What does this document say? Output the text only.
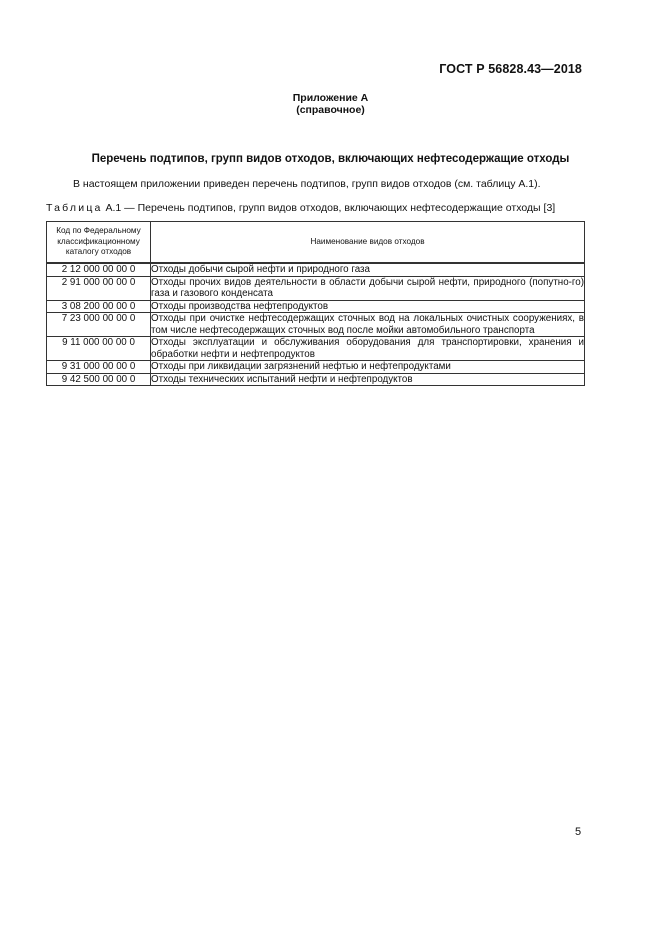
ГОСТ Р 56828.43—2018
Приложение А
(справочное)
Перечень подтипов, групп видов отходов, включающих нефтесодержащие отходы
В настоящем приложении приведен перечень подтипов, групп видов отходов (см. таблицу А.1).
Таблица А.1 — Перечень подтипов, групп видов отходов, включающих нефтесодержащие отходы [3]
Код по Федеральному классификационному каталогу отходов	Наименование видов отходов
2 12 000 00 00 0	Отходы добычи сырой нефти и природного газа
2 91 000 00 00 0	Отходы прочих видов деятельности в области добычи сырой нефти, природного (попутно-го) газа и газового конденсата
3 08 200 00 00 0	Отходы производства нефтепродуктов
7 23 000 00 00 0	Отходы при очистке нефтесодержащих сточных вод на локальных очистных сооружениях, в том числе нефтесодержащих сточных вод после мойки автомобильного транспорта
9 11 000 00 00 0	Отходы эксплуатации и обслуживания оборудования для транспортировки, хранения и обработки нефти и нефтепродуктов
9 31 000 00 00 0	Отходы при ликвидации загрязнений нефтью и нефтепродуктами
9 42 500 00 00 0	Отходы технических испытаний нефти и нефтепродуктов
5
